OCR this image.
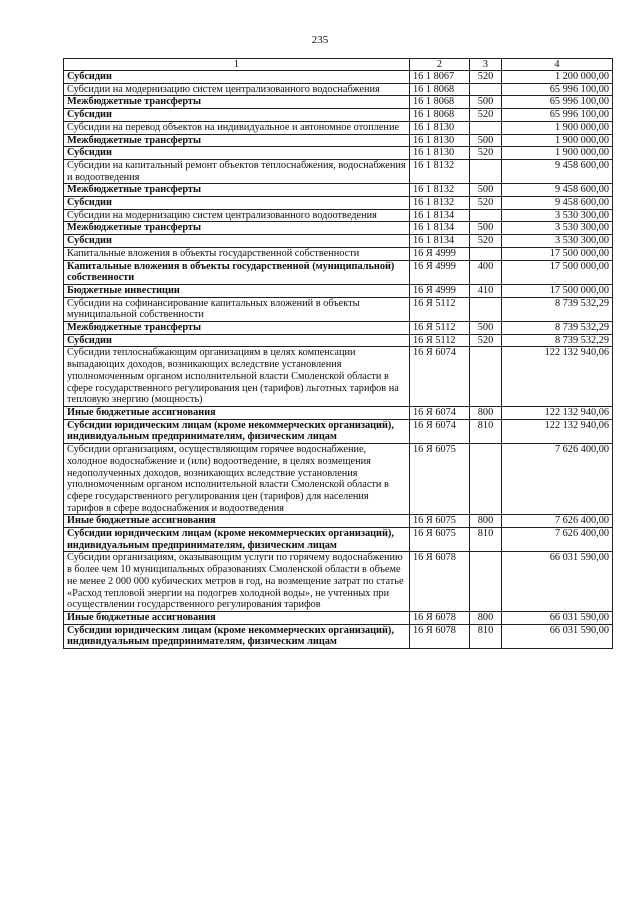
235
1	2	3	4
Субсидии	16 1 8067	520	1 200 000,00
Субсидии на модернизацию систем централизованного водоснабжения	16 1 8068		65 996 100,00
Межбюджетные трансферты	16 1 8068	500	65 996 100,00
Субсидии	16 1 8068	520	65 996 100,00
Субсидии на перевод объектов на индивидуальное и автономное отопление	16 1 8130		1 900 000,00
Межбюджетные трансферты	16 1 8130	500	1 900 000,00
Субсидии	16 1 8130	520	1 900 000,00
Субсидии на капитальный ремонт объектов теплоснабжения, водоснабжения и водоотведения	16 1 8132		9 458 600,00
Межбюджетные трансферты	16 1 8132	500	9 458 600,00
Субсидии	16 1 8132	520	9 458 600,00
Субсидии на модернизацию систем централизованного водоотведения	16 1 8134		3 530 300,00
Межбюджетные трансферты	16 1 8134	500	3 530 300,00
Субсидии	16 1 8134	520	3 530 300,00
Капитальные вложения в объекты государственной собственности	16 Я 4999		17 500 000,00
Капитальные вложения в объекты государственной (муниципальной) собственности	16 Я 4999	400	17 500 000,00
Бюджетные инвестиции	16 Я 4999	410	17 500 000,00
Субсидии на софинансирование капитальных вложений в объекты муниципальной собственности	16 Я 5112		8 739 532,29
Межбюджетные трансферты	16 Я 5112	500	8 739 532,29
Субсидии	16 Я 5112	520	8 739 532,29
Субсидии теплоснабжающим организациям в целях компенсации выпадающих доходов, возникающих вследствие установления уполномоченным органом исполнительной власти Смоленской области в сфере государственного регулирования цен (тарифов) льготных тарифов на тепловую энергию (мощность)	16 Я 6074		122 132 940,06
Иные бюджетные ассигнования	16 Я 6074	800	122 132 940,06
Субсидии юридическим лицам (кроме некоммерческих организаций), индивидуальным предпринимателям, физическим лицам	16 Я 6074	810	122 132 940,06
Субсидии организациям, осуществляющим горячее водоснабжение, холодное водоснабжение и (или) водоотведение, в целях возмещения недополученных доходов, возникающих вследствие установления уполномоченным органом исполнительной власти Смоленской области в сфере государственного регулирования цен (тарифов) для населения тарифов в сфере водоснабжения и водоотведения	16 Я 6075		7 626 400,00
Иные бюджетные ассигнования	16 Я 6075	800	7 626 400,00
Субсидии юридическим лицам (кроме некоммерческих организаций), индивидуальным предпринимателям, физическим лицам	16 Я 6075	810	7 626 400,00
Субсидии организациям, оказывающим услуги по горячему водоснабжению в более чем 10 муниципальных образованиях Смоленской области в объеме не менее 2 000 000 кубических метров в год, на возмещение затрат по статье «Расход тепловой энергии на подогрев холодной воды», не учтенных при осуществлении государственного регулирования тарифов	16 Я 6078		66 031 590,00
Иные бюджетные ассигнования	16 Я 6078	800	66 031 590,00
Субсидии юридическим лицам (кроме некоммерческих организаций), индивидуальным предпринимателям, физическим лицам	16 Я 6078	810	66 031 590,00
